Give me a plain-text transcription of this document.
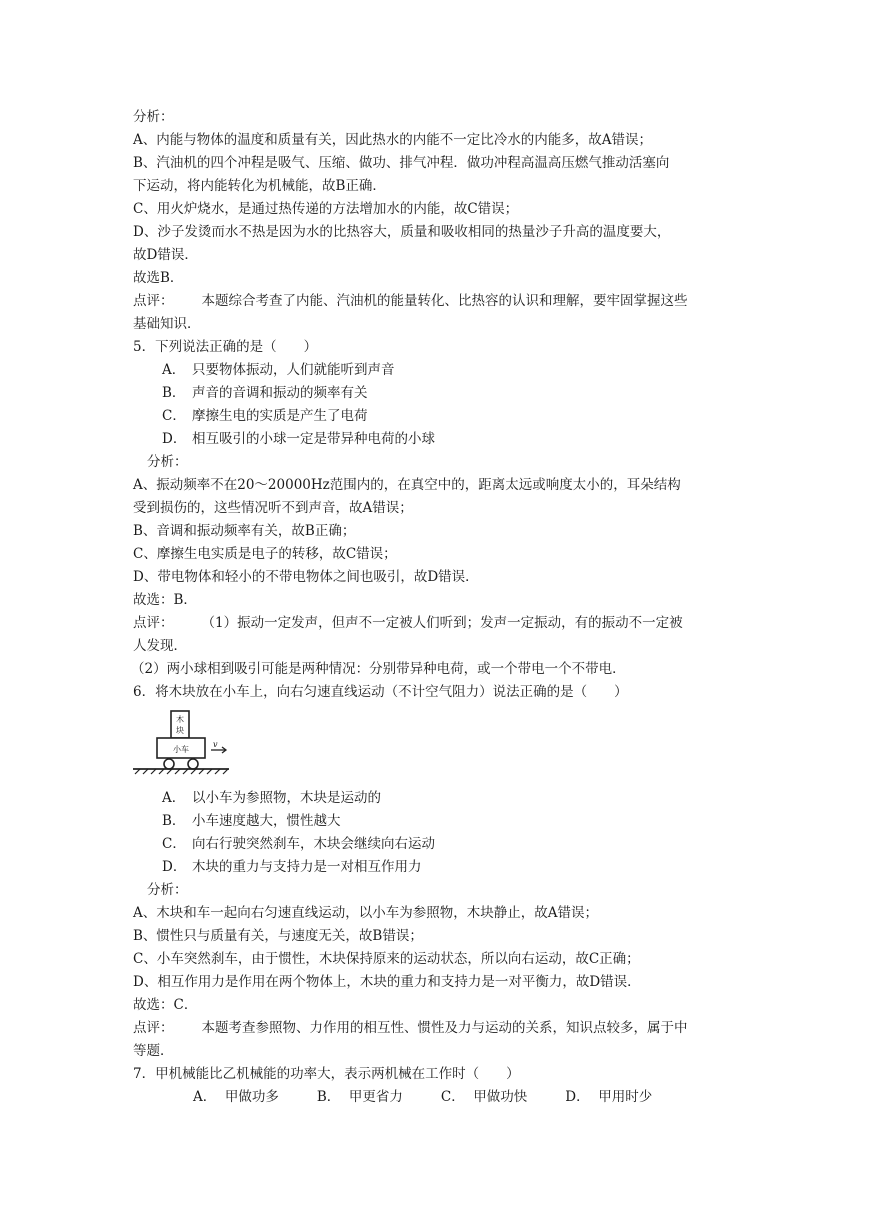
分析：
A、内能与物体的温度和质量有关，因此热水的内能不一定比冷水的内能多，故A错误；
B、汽油机的四个冲程是吸气、压缩、做功、排气冲程．做功冲程高温高压燃气推动活塞向
下运动，将内能转化为机械能，故B正确．
C、用火炉烧水，是通过热传递的方法增加水的内能，故C错误；
D、沙子发烫而水不热是因为水的比热容大，质量和吸收相同的热量沙子升高的温度要大，
故D错误．
故选B．
点评： 本题综合考查了内能、汽油机的能量转化、比热容的认识和理解，要牢固掌握这些
基础知识．
5．下列说法正确的是（　　）
A． 只要物体振动，人们就能听到声音
B． 声音的音调和振动的频率有关
C． 摩擦生电的实质是产生了电荷
D． 相互吸引的小球一定是带异种电荷的小球
分析：
A、振动频率不在20～20000Hz范围内的，在真空中的，距离太远或响度太小的，耳朵结构
受到损伤的，这些情况听不到声音，故A错误；
B、音调和振动频率有关，故B正确；
C、摩擦生电实质是电子的转移，故C错误；
D、带电物体和轻小的不带电物体之间也吸引，故D错误．
故选：B．
点评： （1）振动一定发声，但声不一定被人们听到；发声一定振动，有的振动不一定被
人发现．
（2）两小球相到吸引可能是两种情况：分别带异种电荷，或一个带电一个不带电．
6．将木块放在小车上，向右匀速直线运动（不计空气阻力）说法正确的是（　　）
木
块
小车
v
A． 以小车为参照物，木块是运动的
B． 小车速度越大，惯性越大
C． 向右行驶突然刹车，木块会继续向右运动
D． 木块的重力与支持力是一对相互作用力
分析：
A、木块和车一起向右匀速直线运动，以小车为参照物，木块静止，故A错误；
B、惯性只与质量有关，与速度无关，故B错误；
C、小车突然刹车，由于惯性，木块保持原来的运动状态，所以向右运动，故C正确；
D、相互作用力是作用在两个物体上，木块的重力和支持力是一对平衡力，故D错误．
故选：C．
点评： 本题考查参照物、力作用的相互性、惯性及力与运动的关系，知识点较多，属于中
等题．
7．甲机械能比乙机械能的功率大，表示两机械在工作时（　　）
A． 甲做功多	B． 甲更省力	C． 甲做功快	D． 甲用时少
